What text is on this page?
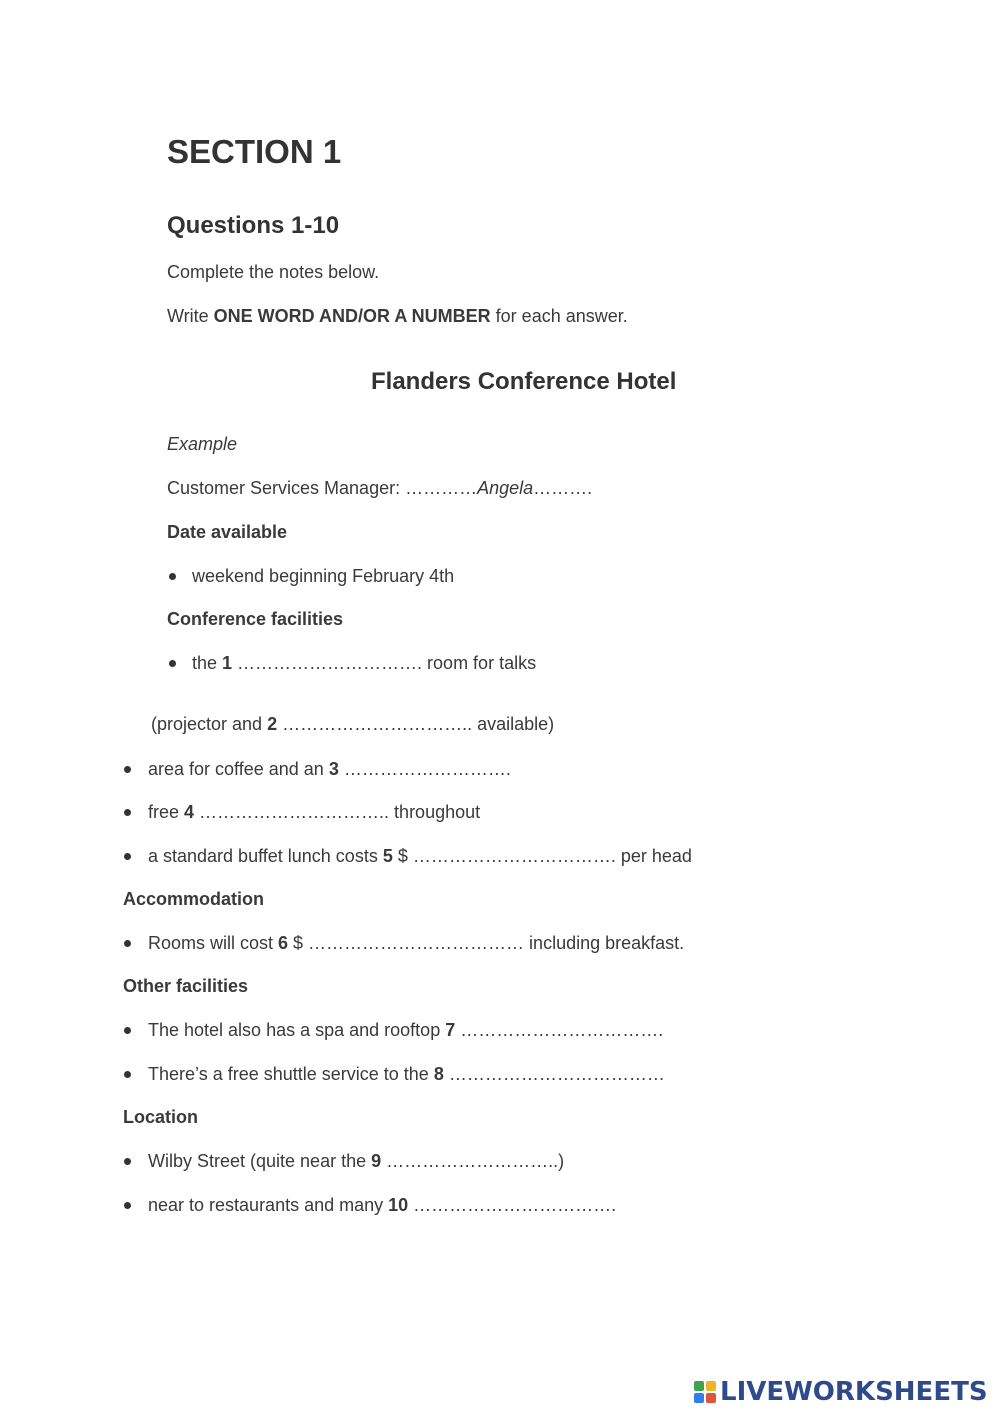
SECTION 1
Questions 1-10
Complete the notes below.
Write ONE WORD AND/OR A NUMBER for each answer.
Flanders Conference Hotel
Example
Customer Services Manager: …………Angela……….
Date available
weekend beginning February 4th
Conference facilities
the 1 …………………………. room for talks
(projector and 2 ………………………….. available)
area for coffee and an 3 ……………………….
free 4 ………………………….. throughout
a standard buffet lunch costs 5 $ ……………………………. per head
Accommodation
Rooms will cost 6 $ ……………………………… including breakfast.
Other facilities
The hotel also has a spa and rooftop 7 …………………………….
There’s a free shuttle service to the 8 ………………………………
Location
Wilby Street (quite near the 9 ………………………..)
near to restaurants and many 10 …………………………….
LIVEWORKSHEETS
